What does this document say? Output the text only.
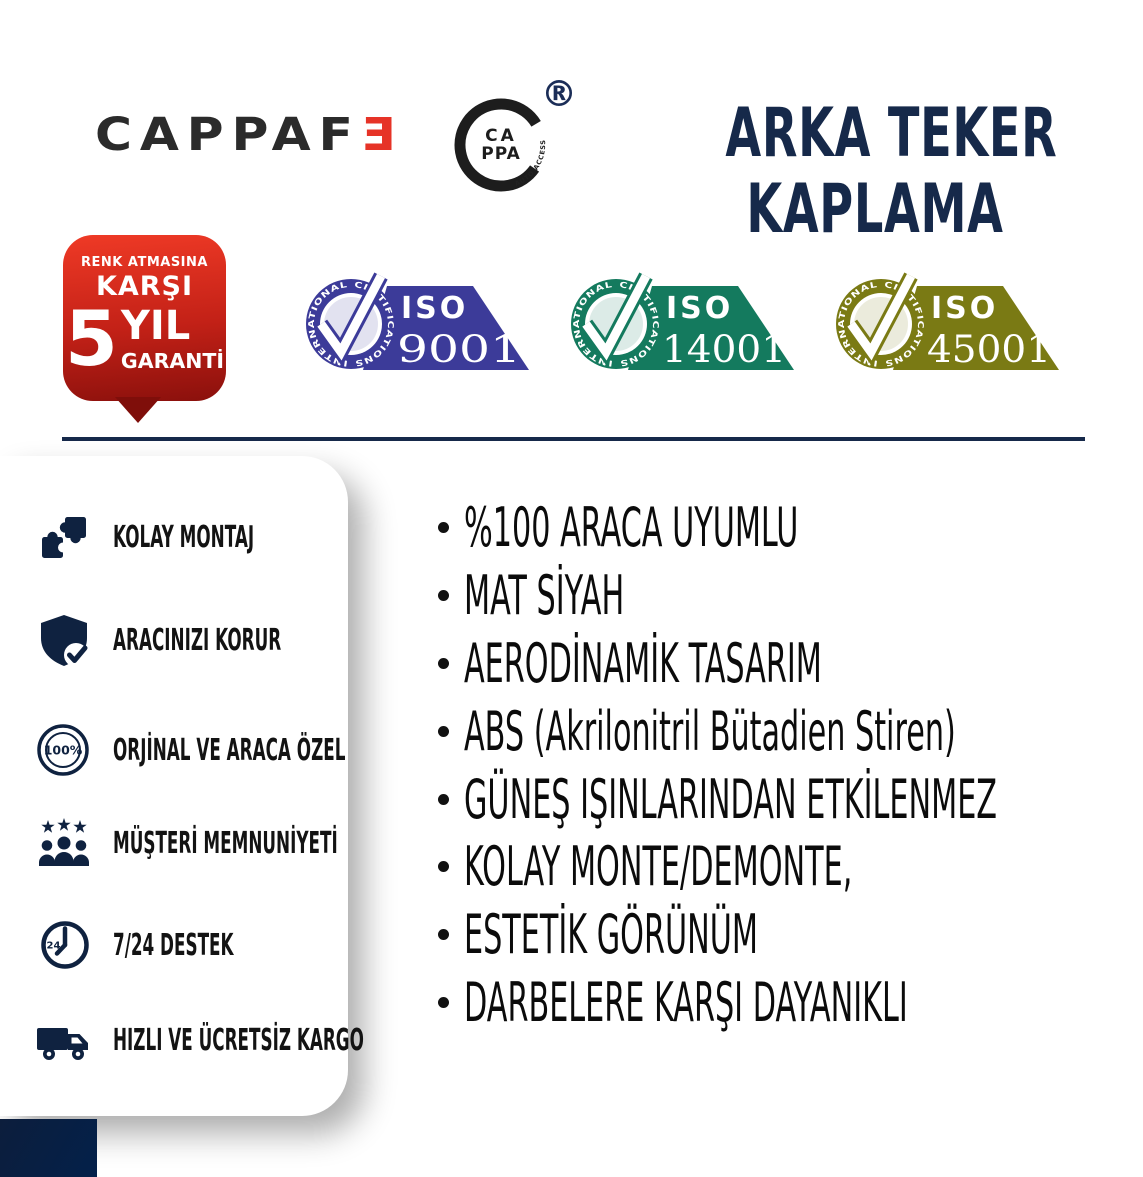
CAPPAFƎ	CA
PPA
AUTO ACCESSORIES	® ARKA TEKER
KAPLAMA
RENK ATMASINA
KARŞI
5 YIL
GARANTİ
ISO
9001
INTERNATIONAL CERTIFICATIONS
ISO
14001
INTERNATIONAL CERTIFICATIONS
ISO
45001
INTERNATIONAL CERTIFICATIONS
KOLAY MONTAJ
ARACINIZI KORUR
100% ORJİNAL VE ARACA ÖZEL
MÜŞTERİ MEMNUNİYETİ
24 7/24 DESTEK
HIZLI VE ÜCRETSİZ KARGO
%100 ARACA UYUMLU
MAT SİYAH
AERODİNAMİK TASARIM
ABS (Akrilonitril Bütadien Stiren)
GÜNEŞ IŞINLARINDAN ETKİLENMEZ
KOLAY MONTE/DEMONTE,
ESTETİK GÖRÜNÜM
DARBELERE KARŞI DAYANIKLI
